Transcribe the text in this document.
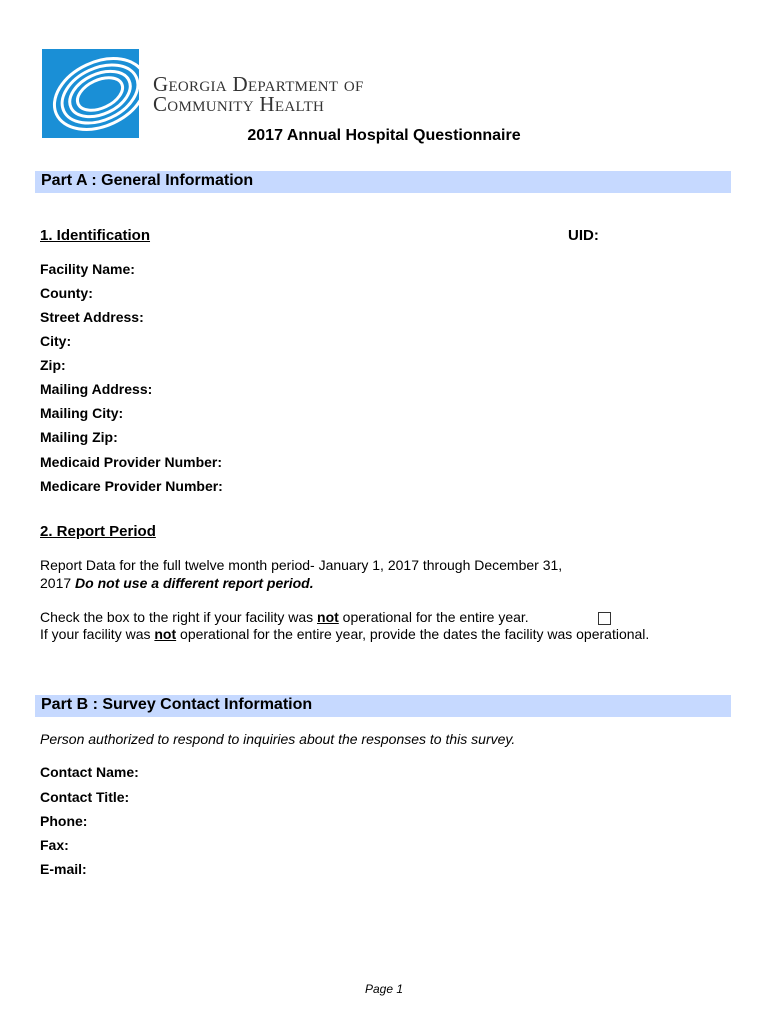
Georgia Department of
Community Health
2017 Annual Hospital Questionnaire
Part A : General Information
1. Identification	UID:
Facility Name:
County:
Street Address:
City:
Zip:
Mailing Address:
Mailing City:
Mailing Zip:
Medicaid Provider Number:
Medicare Provider Number:
2. Report Period
Report Data for the full twelve month period- January 1, 2017 through December 31,
2017 Do not use a different report period.
Check the box to the right if your facility was not operational for the entire year.
If your facility was not operational for the entire year, provide the dates the facility was operational.
Part B : Survey Contact Information
Person authorized to respond to inquiries about the responses to this survey.
Contact Name:
Contact Title:
Phone:
Fax:
E-mail:
Page 1
